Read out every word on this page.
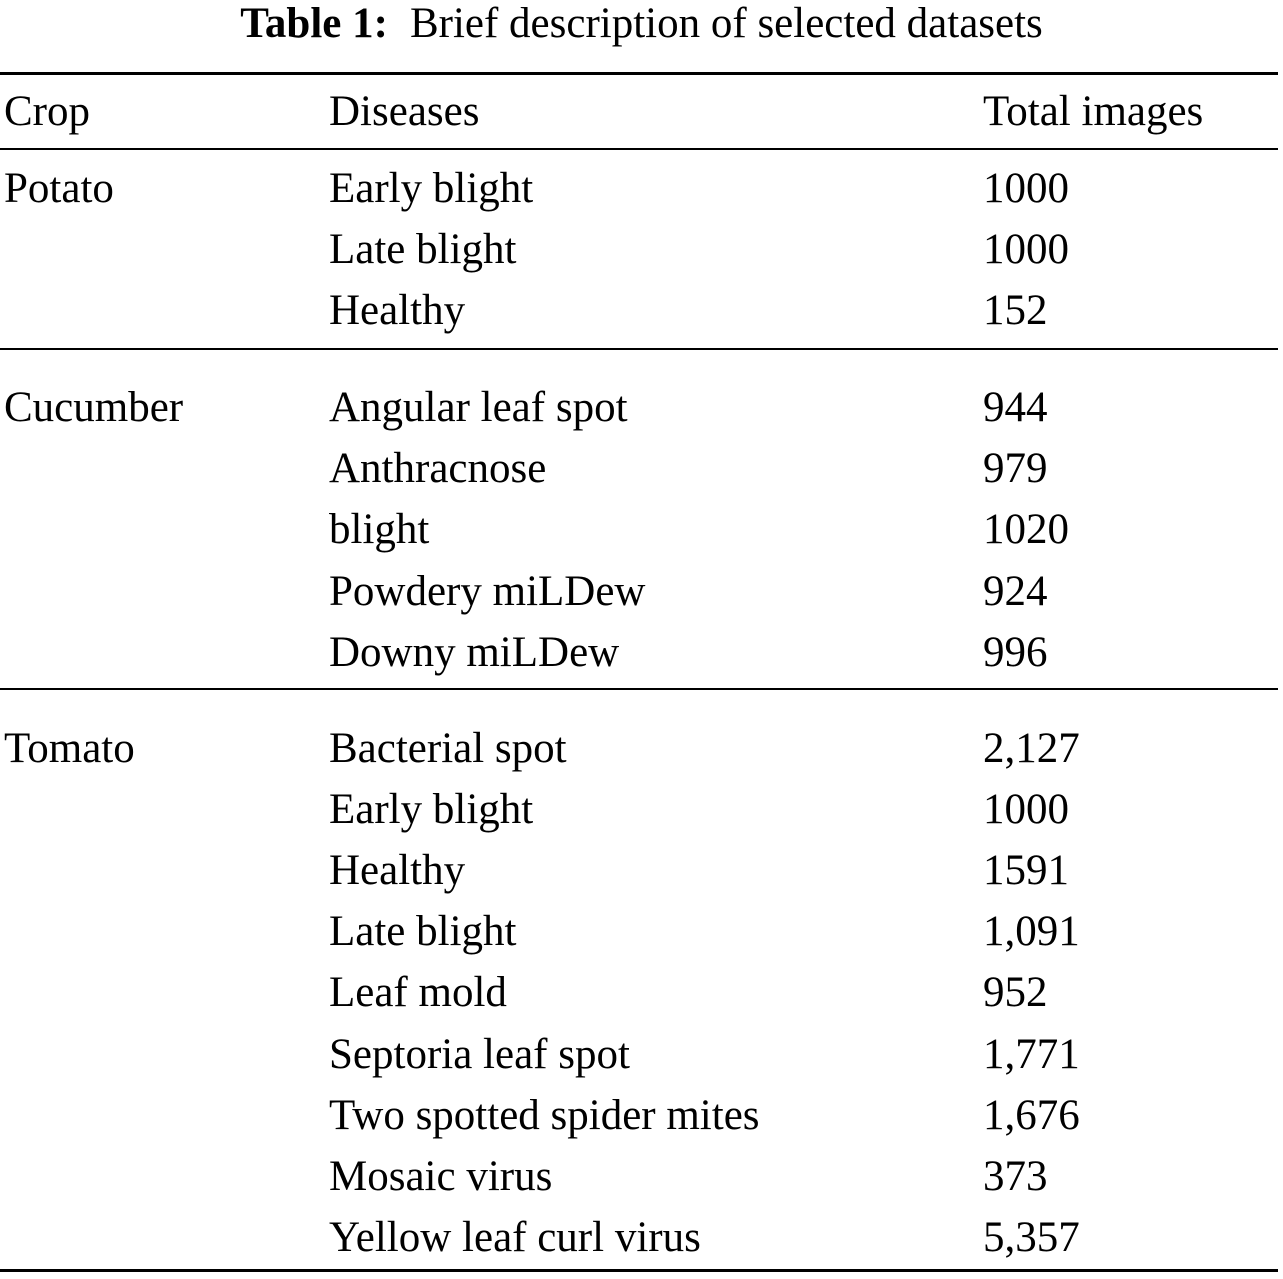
Table 1: Brief description of selected datasets
Crop	Diseases	Total images
Potato	Early blight	1000
Late blight	1000
Healthy	152
Cucumber	Angular leaf spot	944
Anthracnose	979
blight	1020
Powdery miLDew	924
Downy miLDew	996
Tomato	Bacterial spot	2,127
Early blight	1000
Healthy	1591
Late blight	1,091
Leaf mold	952
Septoria leaf spot	1,771
Two spotted spider mites	1,676
Mosaic virus	373
Yellow leaf curl virus	5,357
